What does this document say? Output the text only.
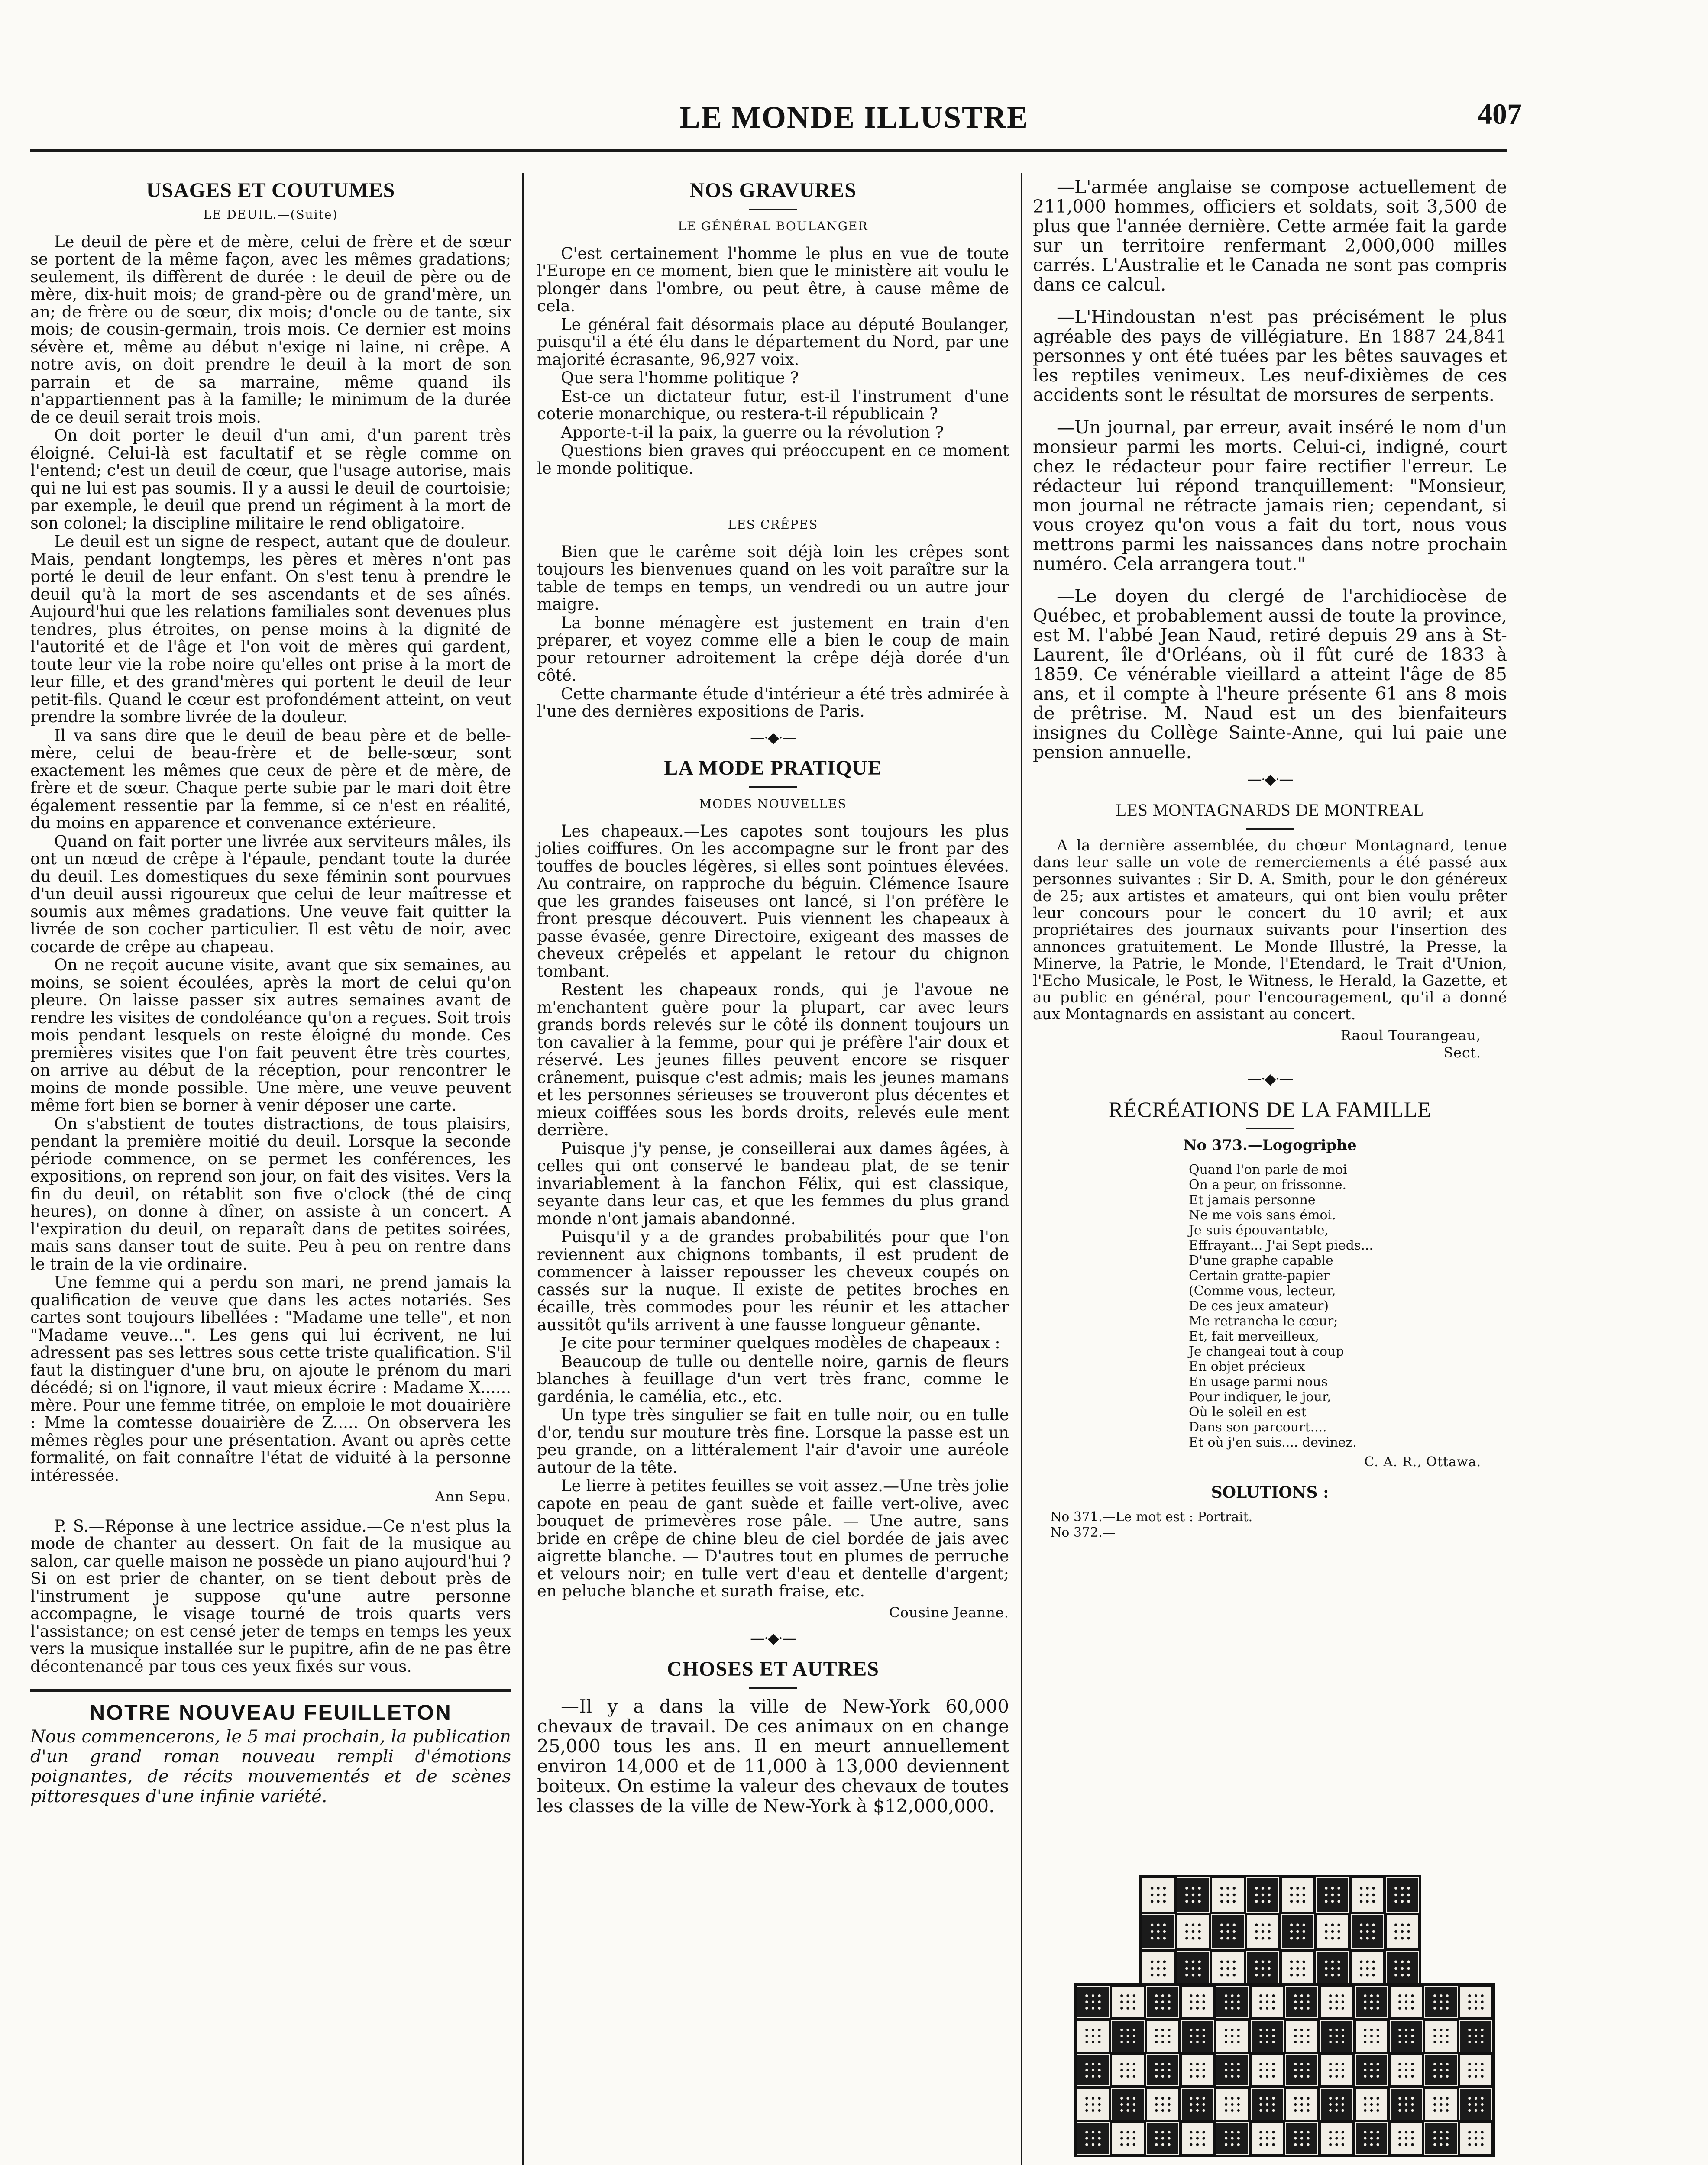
LE MONDE ILLUSTRE	407
USAGES ET COUTUMES
LE DEUIL.—(Suite)

Le deuil de père et de mère, celui de frère et de sœur se portent de la même façon, avec les mêmes gradations; seulement, ils diffèrent de durée : le deuil de père ou de mère, dix-huit mois; de grand-père ou de grand'mère, un an; de frère ou de sœur, dix mois; d'oncle ou de tante, six mois; de cousin-germain, trois mois. Ce dernier est moins sévère et, même au début n'exige ni laine, ni crêpe. A notre avis, on doit prendre le deuil à la mort de son parrain et de sa marraine, même quand ils n'appartiennent pas à la famille; le minimum de la durée de ce deuil serait trois mois.

On doit porter le deuil d'un ami, d'un parent très éloigné. Celui-là est facultatif et se règle comme on l'entend; c'est un deuil de cœur, que l'usage autorise, mais qui ne lui est pas soumis. Il y a aussi le deuil de courtoisie; par exemple, le deuil que prend un régiment à la mort de son colonel; la discipline militaire le rend obligatoire.

Le deuil est un signe de respect, autant que de douleur. Mais, pendant longtemps, les pères et mères n'ont pas porté le deuil de leur enfant. On s'est tenu à prendre le deuil qu'à la mort de ses ascendants et de ses aînés. Aujourd'hui que les relations familiales sont devenues plus tendres, plus étroites, on pense moins à la dignité de l'autorité et de l'âge et l'on voit de mères qui gardent, toute leur vie la robe noire qu'elles ont prise à la mort de leur fille, et des grand'mères qui portent le deuil de leur petit-fils. Quand le cœur est profondément atteint, on veut prendre la sombre livrée de la douleur.

Il va sans dire que le deuil de beau père et de belle-mère, celui de beau-frère et de belle-sœur, sont exactement les mêmes que ceux de père et de mère, de frère et de sœur. Chaque perte subie par le mari doit être également ressentie par la femme, si ce n'est en réalité, du moins en apparence et convenance extérieure.

Quand on fait porter une livrée aux serviteurs mâles, ils ont un nœud de crêpe à l'épaule, pendant toute la durée du deuil. Les domestiques du sexe féminin sont pourvues d'un deuil aussi rigoureux que celui de leur maîtresse et soumis aux mêmes gradations. Une veuve fait quitter la livrée de son cocher particulier. Il est vêtu de noir, avec cocarde de crêpe au chapeau.

On ne reçoit aucune visite, avant que six semaines, au moins, se soient écoulées, après la mort de celui qu'on pleure. On laisse passer six autres semaines avant de rendre les visites de condoléance qu'on a reçues. Soit trois mois pendant lesquels on reste éloigné du monde. Ces premières visites que l'on fait peuvent être très courtes, on arrive au début de la réception, pour rencontrer le moins de monde possible. Une mère, une veuve peuvent même fort bien se borner à venir déposer une carte.

On s'abstient de toutes distractions, de tous plaisirs, pendant la première moitié du deuil. Lorsque la seconde période commence, on se permet les conférences, les expositions, on reprend son jour, on fait des visites. Vers la fin du deuil, on rétablit son five o'clock (thé de cinq heures), on donne à dîner, on assiste à un concert. A l'expiration du deuil, on reparaît dans de petites soirées, mais sans danser tout de suite. Peu à peu on rentre dans le train de la vie ordinaire.

Une femme qui a perdu son mari, ne prend jamais la qualification de veuve que dans les actes notariés. Ses cartes sont toujours libellées : "Madame une telle", et non "Madame veuve...". Les gens qui lui écrivent, ne lui adressent pas ses lettres sous cette triste qualification. S'il faut la distinguer d'une bru, on ajoute le prénom du mari décédé; si on l'ignore, il vaut mieux écrire : Madame X...... mère. Pour une femme titrée, on emploie le mot douairière : Mme la comtesse douairière de Z..... On observera les mêmes règles pour une présentation. Avant ou après cette formalité, on fait connaître l'état de viduité à la personne intéressée.

Ann Sepu.

P. S.—Réponse à une lectrice assidue.—Ce n'est plus la mode de chanter au dessert. On fait de la musique au salon, car quelle maison ne possède un piano aujourd'hui ? Si on est prier de chanter, on se tient debout près de l'instrument je suppose qu'une autre personne accompagne, le visage tourné de trois quarts vers l'assistance; on est censé jeter de temps en temps les yeux vers la musique installée sur le pupitre, afin de ne pas être décontenancé par tous ces yeux fixés sur vous.

NOTRE NOUVEAU FEUILLETON
Nous commencerons, le 5 mai prochain, la publication d'un grand roman nouveau rempli d'émotions poignantes, de récits mouvementés et de scènes pittoresques d'une infinie variété.
NOS GRAVURES
LE GÉNÉRAL BOULANGER

C'est certainement l'homme le plus en vue de toute l'Europe en ce moment, bien que le ministère ait voulu le plonger dans l'ombre, ou peut être, à cause même de cela.

Le général fait désormais place au député Boulanger, puisqu'il a été élu dans le département du Nord, par une majorité écrasante, 96,927 voix.

Que sera l'homme politique ?

Est-ce un dictateur futur, est-il l'instrument d'une coterie monarchique, ou restera-t-il républicain ?

Apporte-t-il la paix, la guerre ou la révolution ?

Questions bien graves qui préoccupent en ce moment le monde politique.

LES CRÊPES

Bien que le carême soit déjà loin les crêpes sont toujours les bienvenues quand on les voit paraître sur la table de temps en temps, un vendredi ou un autre jour maigre.

La bonne ménagère est justement en train d'en préparer, et voyez comme elle a bien le coup de main pour retourner adroitement la crêpe déjà dorée d'un côté.

Cette charmante étude d'intérieur a été très admirée à l'une des dernières expositions de Paris.

—·◆·—
LA MODE PRATIQUE
MODES NOUVELLES

Les chapeaux.—Les capotes sont toujours les plus jolies coiffures. On les accompagne sur le front par des touffes de boucles légères, si elles sont pointues élevées. Au contraire, on rapproche du béguin. Clémence Isaure que les grandes faiseuses ont lancé, si l'on préfère le front presque découvert. Puis viennent les chapeaux à passe évasée, genre Directoire, exigeant des masses de cheveux crêpelés et appelant le retour du chignon tombant.

Restent les chapeaux ronds, qui je l'avoue ne m'enchantent guère pour la plupart, car avec leurs grands bords relevés sur le côté ils donnent toujours un ton cavalier à la femme, pour qui je préfère l'air doux et réservé. Les jeunes filles peuvent encore se risquer crânement, puisque c'est admis; mais les jeunes mamans et les personnes sérieuses se trouveront plus décentes et mieux coiffées sous les bords droits, relevés eule ment derrière.

Puisque j'y pense, je conseillerai aux dames âgées, à celles qui ont conservé le bandeau plat, de se tenir invariablement à la fanchon Félix, qui est classique, seyante dans leur cas, et que les femmes du plus grand monde n'ont jamais abandonné.

Puisqu'il y a de grandes probabilités pour que l'on reviennent aux chignons tombants, il est prudent de commencer à laisser repousser les cheveux coupés on cassés sur la nuque. Il existe de petites broches en écaille, très commodes pour les réunir et les attacher aussitôt qu'ils arrivent à une fausse longueur gênante.

Je cite pour terminer quelques modèles de chapeaux :

Beaucoup de tulle ou dentelle noire, garnis de fleurs blanches à feuillage d'un vert très franc, comme le gardénia, le camélia, etc., etc.

Un type très singulier se fait en tulle noir, ou en tulle d'or, tendu sur mouture très fine. Lorsque la passe est un peu grande, on a littéralement l'air d'avoir une auréole autour de la tête.

Le lierre à petites feuilles se voit assez.—Une très jolie capote en peau de gant suède et faille vert-olive, avec bouquet de primevères rose pâle. — Une autre, sans bride en crêpe de chine bleu de ciel bordée de jais avec aigrette blanche. — D'autres tout en plumes de perruche et velours noir; en tulle vert d'eau et dentelle d'argent; en peluche blanche et surath fraise, etc.

Cousine Jeanne.
—·◆·—
CHOSES ET AUTRES

—Il y a dans la ville de New-York 60,000 chevaux de travail. De ces animaux on en change 25,000 tous les ans. Il en meurt annuellement environ 14,000 et de 11,000 à 13,000 deviennent boiteux. On estime la valeur des chevaux de toutes les classes de la ville de New-York à $12,000,000.

—L'armée anglaise se compose actuellement de 211,000 hommes, officiers et soldats, soit 3,500 de plus que l'année dernière. Cette armée fait la garde sur un territoire renfermant 2,000,000 milles carrés. L'Australie et le Canada ne sont pas compris dans ce calcul.

—L'Hindoustan n'est pas précisément le plus agréable des pays de villégiature. En 1887 24,841 personnes y ont été tuées par les bêtes sauvages et les reptiles venimeux. Les neuf-dixièmes de ces accidents sont le résultat de morsures de serpents.

—Un journal, par erreur, avait inséré le nom d'un monsieur parmi les morts. Celui-ci, indigné, court chez le rédacteur pour faire rectifier l'erreur. Le rédacteur lui répond tranquillement: "Monsieur, mon journal ne rétracte jamais rien; cependant, si vous croyez qu'on vous a fait du tort, nous vous mettrons parmi les naissances dans notre prochain numéro. Cela arrangera tout."

—Le doyen du clergé de l'archidiocèse de Québec, et probablement aussi de toute la province, est M. l'abbé Jean Naud, retiré depuis 29 ans à St-Laurent, île d'Orléans, où il fût curé de 1833 à 1859. Ce vénérable vieillard a atteint l'âge de 85 ans, et il compte à l'heure présente 61 ans 8 mois de prêtrise. M. Naud est un des bienfaiteurs insignes du Collège Sainte-Anne, qui lui paie une pension annuelle.

—·◆·—
LES MONTAGNARDS DE MONTREAL

A la dernière assemblée, du chœur Montagnard, tenue dans leur salle un vote de remerciements a été passé aux personnes suivantes : Sir D. A. Smith, pour le don généreux de 25; aux artistes et amateurs, qui ont bien voulu prêter leur concours pour le concert du 10 avril; et aux propriétaires des journaux suivants pour l'insertion des annonces gratuitement. Le Monde Illustré, la Presse, la Minerve, la Patrie, le Monde, l'Etendard, le Trait d'Union, l'Echo Musicale, le Post, le Witness, le Herald, la Gazette, et au public en général, pour l'encouragement, qu'il a donné aux Montagnards en assistant au concert.

Raoul Tourangeau,
Sect.
—·◆·—
RÉCRÉATIONS DE LA FAMILLE
No 373.—Logogriphe
Quand l'on parle de moi
On a peur, on frissonne.
Et jamais personne
Ne me vois sans émoi.
Je suis épouvantable,
Effrayant... J'ai Sept pieds...
D'une graphe capable
Certain gratte-papier
(Comme vous, lecteur,
De ces jeux amateur)
Me retrancha le cœur;
Et, fait merveilleux,
Je changeai tout à coup
En objet précieux
En usage parmi nous
Pour indiquer, le jour,
Où le soleil en est
Dans son parcourt....
Et où j'en suis.... devinez.
C. A. R., Ottawa.
SOLUTIONS :
No 371.—Le mot est : Portrait.
No 372.—
